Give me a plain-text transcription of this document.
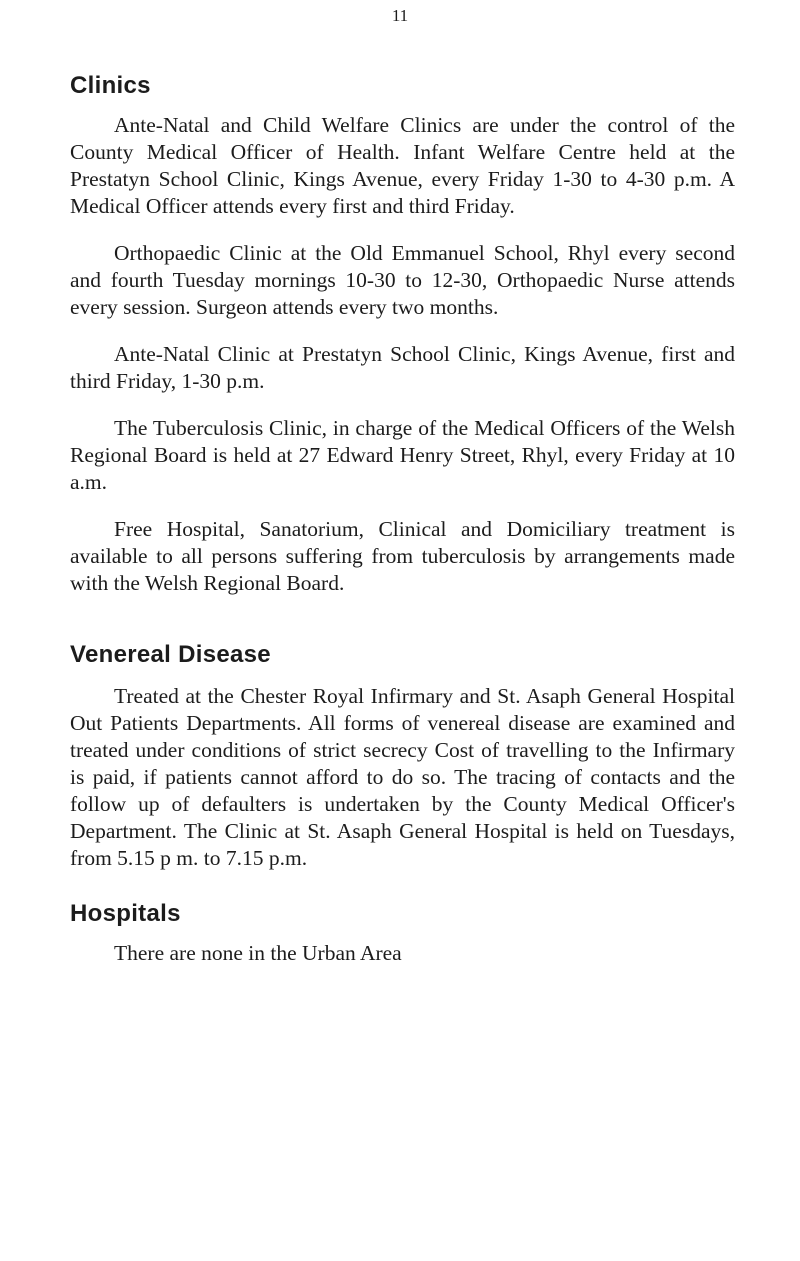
11
Clinics

Ante-Natal and Child Welfare Clinics are under the control of the County Medical Officer of Health. Infant Welfare Centre held at the Prestatyn School Clinic, Kings Avenue, every Friday 1-30 to 4-30 p.m. A Medical Officer attends every first and third Friday.

Orthopaedic Clinic at the Old Emmanuel School, Rhyl every second and fourth Tuesday mornings 10-30 to 12-30, Orthopaedic Nurse attends every session. Surgeon attends every two months.

Ante-Natal Clinic at Prestatyn School Clinic, Kings Avenue, first and third Friday, 1-30 p.m.

The Tuberculosis Clinic, in charge of the Medical Officers of the Welsh Regional Board is held at 27 Edward Henry Street, Rhyl, every Friday at 10 a.m.

Free Hospital, Sanatorium, Clinical and Domiciliary treatment is available to all persons suffering from tuberculosis by arrangements made with the Welsh Regional Board.

Venereal Disease

Treated at the Chester Royal Infirmary and St. Asaph General Hospital Out Patients Departments. All forms of venereal disease are examined and treated under conditions of strict secrecy Cost of travelling to the Infirmary is paid, if patients cannot afford to do so. The tracing of contacts and the follow up of defaulters is undertaken by the County Medical Officer's Department. The Clinic at St. Asaph General Hospital is held on Tuesdays, from 5.15 p m. to 7.15 p.m.

Hospitals

There are none in the Urban Area
